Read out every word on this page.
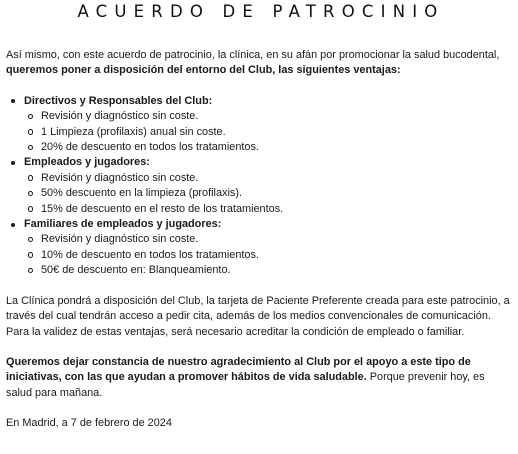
ACUERDO DE PATROCINIO

Así mismo, con este acuerdo de patrocinio, la clínica, en su afán por promocionar la salud bucodental, queremos poner a disposición del entorno del Club, las siguientes ventajas:

Directivos y Responsables del Club:
Revisión y diagnóstico sin coste.
1 Limpieza (profilaxis) anual sin coste.
20% de descuento en todos los tratamientos.
Empleados y jugadores:
Revisión y diagnóstico sin coste.
50% descuento en la limpieza (profilaxis).
15% de descuento en el resto de los tratamientos.
Familiares de empleados y jugadores:
Revisión y diagnóstico sin coste.
10% de descuento en todos los tratamientos.
50€ de descuento en: Blanqueamiento.

La Clínica pondrá a disposición del Club, la tarjeta de Paciente Preferente creada para este patrocinio, a través del cual tendrán acceso a pedir cita, además de los medios convencionales de comunicación. Para la validez de estas ventajas, será necesario acreditar la condición de empleado o familiar.

Queremos dejar constancia de nuestro agradecimiento al Club por el apoyo a este tipo de iniciativas, con las que ayudan a promover hábitos de vida saludable. Porque prevenir hoy, es salud para mañana.

En Madrid, a 7 de febrero de 2024
